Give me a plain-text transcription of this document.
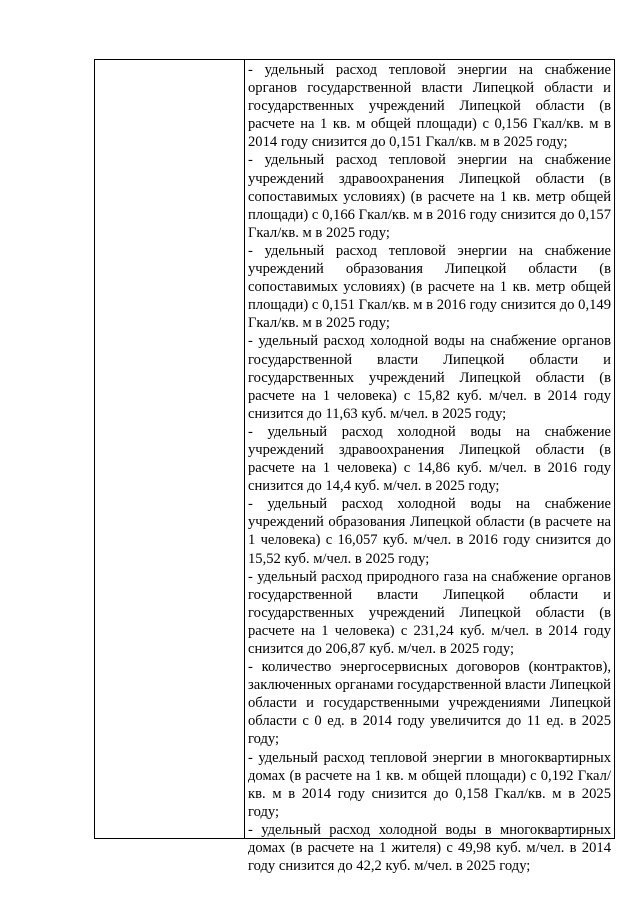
- удельный расход тепловой энергии на снабжение органов государственной власти Липецкой области и государственных учреждений Липецкой области (в расчете на 1 кв. м общей площади) с 0,156 Гкал/кв. м в 2014 году снизится до 0,151 Гкал/кв. м в 2025 году;

- удельный расход тепловой энергии на снабжение учреждений здравоохранения Липецкой области (в сопоставимых условиях) (в расчете на 1 кв. метр общей площади) с 0,166 Гкал/кв. м в 2016 году снизится до 0,157 Гкал/кв. м в 2025 году;

- удельный расход тепловой энергии на снабжение учреждений образования Липецкой области (в сопоставимых условиях) (в расчете на 1 кв. метр общей площади) с 0,151 Гкал/кв. м в 2016 году снизится до 0,149 Гкал/кв. м в 2025 году;

- удельный расход холодной воды на снабжение органов государственной власти Липецкой области и государственных учреждений Липецкой области (в расчете на 1 человека) с 15,82 куб. м/чел. в 2014 году снизится до 11,63 куб. м/чел. в 2025 году;

- удельный расход холодной воды на снабжение учреждений здравоохранения Липецкой области (в расчете на 1 человека) с 14,86 куб. м/чел. в 2016 году снизится до 14,4 куб. м/чел. в 2025 году;

- удельный расход холодной воды на снабжение учреждений образования Липецкой области (в расчете на 1 человека) с 16,057 куб. м/чел. в 2016 году снизится до 15,52 куб. м/чел. в 2025 году;

- удельный расход природного газа на снабжение органов государственной власти Липецкой области и государственных учреждений Липецкой области (в расчете на 1 человека) с 231,24 куб. м/чел. в 2014 году снизится до 206,87 куб. м/чел. в 2025 году;

- количество энергосервисных договоров (контрактов), заключенных органами государственной власти Липецкой области и государственными учреждениями Липецкой области с 0 ед. в 2014 году увеличится до 11 ед. в 2025 году;

- удельный расход тепловой энергии в многоквартирных домах (в расчете на 1 кв. м общей площади) с 0,192 Гкал/кв. м в 2014 году снизится до 0,158 Гкал/кв. м в 2025 году;

- удельный расход холодной воды в многоквартирных домах (в расчете на 1 жителя) с 49,98 куб. м/чел. в 2014 году снизится до 42,2 куб. м/чел. в 2025 году;
